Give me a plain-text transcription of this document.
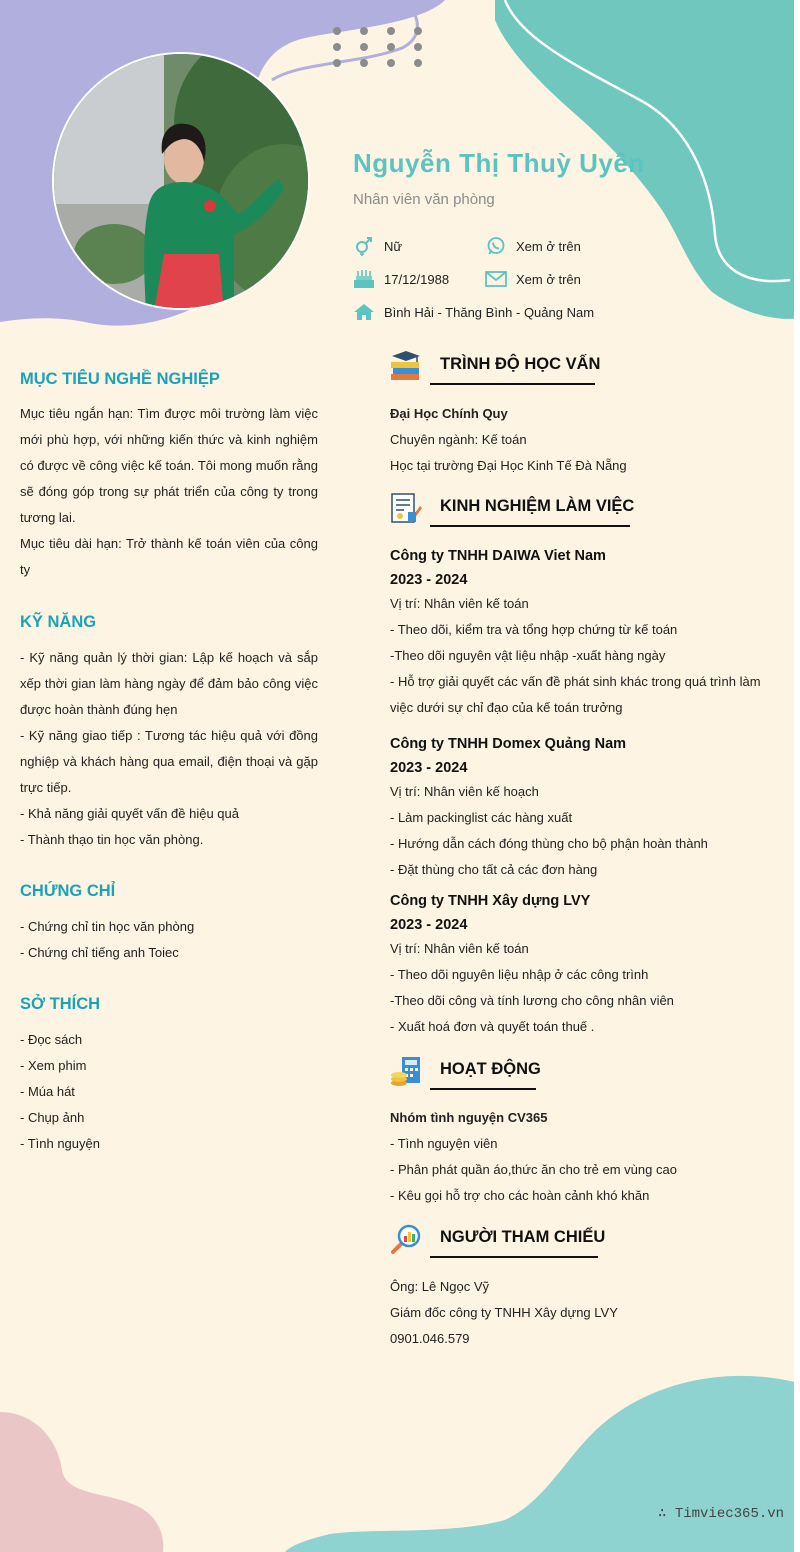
Nguyễn Thị Thuỳ Uyên
Nhân viên văn phòng
Nữ	Xem ở trên
17/12/1988	Xem ở trên
Bình Hải - Thăng Bình - Quảng Nam
MỤC TIÊU NGHỀ NGHIỆP

Mục tiêu ngắn hạn: Tìm được môi trường làm việc mới phù hợp, với những kiến thức và kinh nghiệm có được về công việc kế toán. Tôi mong muốn rằng sẽ đóng góp trong sự phát triển của công ty trong tương lai.

Mục tiêu dài hạn: Trở thành kế toán viên của công ty

KỸ NĂNG

- Kỹ năng quản lý thời gian: Lập kế hoạch và sắp xếp thời gian làm hàng ngày để đảm bảo công việc được hoàn thành đúng hẹn

- Kỹ năng giao tiếp : Tương tác hiệu quả với đồng nghiệp và khách hàng qua email, điện thoại và gặp trực tiếp.

- Khả năng giải quyết vấn đề hiệu quả

- Thành thạo tin học văn phòng.

CHỨNG CHỈ
- Chứng chỉ tin học văn phòng
- Chứng chỉ tiếng anh Toiec
SỞ THÍCH
- Đọc sách
- Xem phim
- Múa hát
- Chụp ảnh
- Tình nguyện
TRÌNH ĐỘ HỌC VẤN
Đại Học Chính Quy
Chuyên ngành: Kế toán
Học tại trường Đại Học Kinh Tế Đà Nẵng
KINH NGHIỆM LÀM VIỆC
Công ty TNHH DAIWA Viet Nam
2023 - 2024
Vị trí: Nhân viên kế toán
- Theo dõi, kiểm tra và tổng hợp chứng từ kế toán
-Theo dõi nguyên vật liệu nhập -xuất hàng ngày
- Hỗ trợ giải quyết các vấn đề phát sinh khác trong quá trình làm
việc dưới sự chỉ đạo của kế toán trưởng
Công ty TNHH Domex Quảng Nam
2023 - 2024
Vị trí: Nhân viên kế hoạch
- Làm packinglist các hàng xuất
- Hướng dẫn cách đóng thùng cho bộ phận hoàn thành
- Đặt thùng cho tất cả các đơn hàng
Công ty TNHH Xây dựng LVY
2023 - 2024
Vị trí: Nhân viên kế toán
- Theo dõi nguyên liệu nhập ở các công trình
-Theo dõi công và tính lương cho công nhân viên
- Xuất hoá đơn và quyết toán thuế .
HOẠT ĐỘNG
Nhóm tình nguyện CV365
- Tình nguyện viên
- Phân phát quần áo,thức ăn cho trẻ em vùng cao
- Kêu gọi hỗ trợ cho các hoàn cảnh khó khăn
NGƯỜI THAM CHIẾU
Ông: Lê Ngọc Vỹ
Giám đốc công ty TNHH Xây dựng LVY
0901.046.579
∴ Timviec365.vn
